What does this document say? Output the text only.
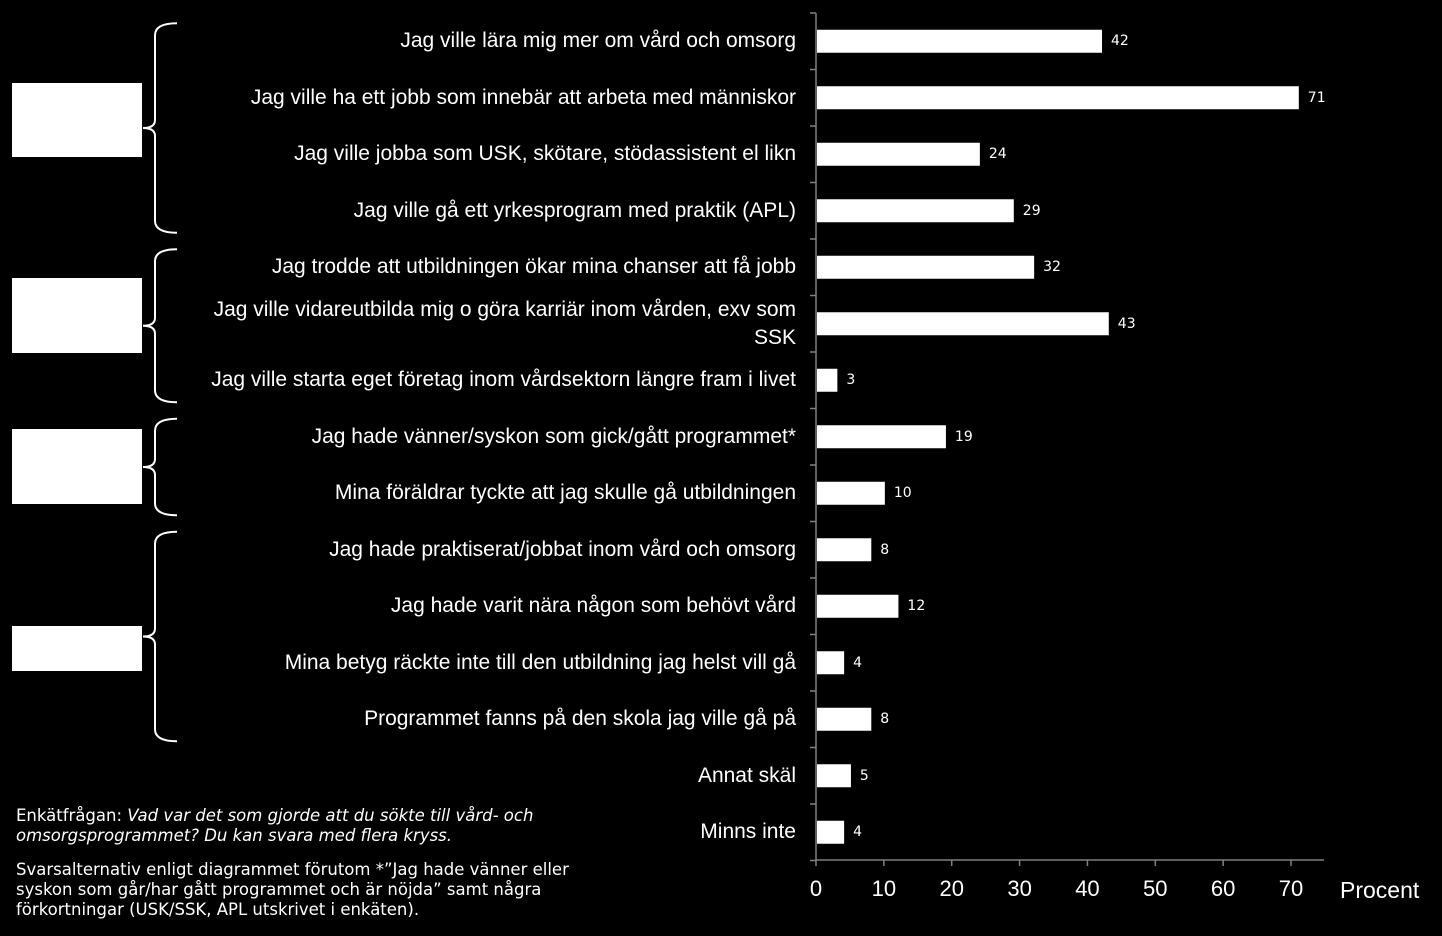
0	10	20	30	40	50	60	70
42
Jag ville lära mig mer om vård och omsorg
71
Jag ville ha ett jobb som innebär att arbeta med människor
24
Jag ville jobba som USK, skötare, stödassistent el likn
29
Jag ville gå ett yrkesprogram med praktik (APL)
32
Jag trodde att utbildningen ökar mina chanser att få jobb
43
Jag ville vidareutbilda mig o göra karriär inom vården, exv som SSK
3
Jag ville starta eget företag inom vårdsektorn längre fram i livet
19
Jag hade vänner/syskon som gick/gått programmet*
10
Mina föräldrar tyckte att jag skulle gå utbildningen
8
Jag hade praktiserat/jobbat inom vård och omsorg
12
Jag hade varit nära någon som behövt vård
4
Mina betyg räckte inte till den utbildning jag helst vill gå
8
Programmet fanns på den skola jag ville gå på
5
Annat skäl
4
Minns inte
Procent
Enkätfrågan: Vad var det som gjorde att du sökte till vård- och omsorgsprogrammet? Du kan svara med flera kryss.
Svarsalternativ enligt diagrammet förutom *”Jag hade vänner eller syskon som går/har gått programmet och är nöjda” samt några förkortningar (USK/SSK, APL utskrivet i enkäten).
